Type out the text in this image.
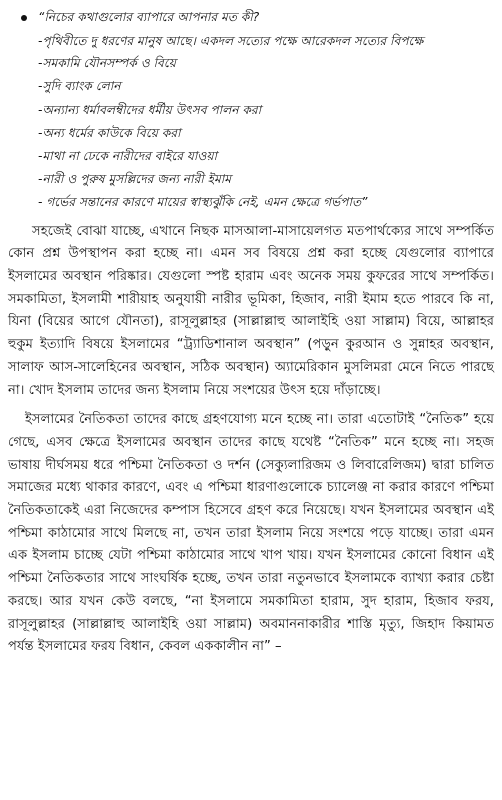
“নিচের কথাগুলোর ব্যাপারে আপনার মত কী?
-পৃথিবীতে দু ধরণের মানুষ আছে। একদল সত্যের পক্ষে আরেকদল সত্যের বিপক্ষে
-সমকামি যৌনসম্পর্ক ও বিয়ে
-সুদি ব্যাংক লোন
-অন্যান্য ধর্মাবলম্বীদের ধর্মীয় উৎসব পালন করা
-অন্য ধর্মের কাউকে বিয়ে করা
-মাথা না ঢেকে নারীদের বাইরে যাওয়া
-নারী ও পুরুষ মুসল্লিদের জন্য নারী ইমাম
- গর্ভের সন্তানের কারণে মায়ের স্বাস্থ্যঝুঁকি নেই, এমন ক্ষেত্রে গর্ভপাত”

সহজেই বোঝা যাচ্ছে, এখানে নিছক মাসআলা-মাসায়েলগত মতপার্থক্যের সাথে সম্পর্কিত কোন প্রশ্ন উপস্থাপন করা হচ্ছে না। এমন সব বিষয়ে প্রশ্ন করা হচ্ছে যেগুলোর ব্যাপারে ইসলামের অবস্থান পরিষ্কার। যেগুলো স্পষ্ট হারাম এবং অনেক সময় কুফরের সাথে সম্পর্কিত। সমকামিতা, ইসলামী শারীয়াহ অনুযায়ী নারীর ভূমিকা, হিজাব, নারী ইমাম হতে পারবে কি না, যিনা (বিয়ের আগে যৌনতা), রাসূলুল্লাহর (সাল্লাল্লাহু আলাইহি ওয়া সাল্লাম) বিয়ে, আল্লাহর হুকুম ইত্যাদি বিষয়ে ইসলামের “ট্র্যাডিশানাল অবস্থান” (পড়ুন কুরআন ও সুন্নাহর অবস্থান, সালাফ আস-সালেহিনের অবস্থান, সঠিক অবস্থান) অ্যামেরিকান মুসলিমরা মেনে নিতে পারছে না। খোদ ইসলাম তাদের জন্য ইসলাম নিয়ে সংশয়ের উৎস হয়ে দাঁড়াচ্ছে।

ইসলামের নৈতিকতা তাদের কাছে গ্রহণযোগ্য মনে হচ্ছে না। তারা এতোটাই “নৈতিক” হয়ে গেছে, এসব ক্ষেত্রে ইসলামের অবস্থান তাদের কাছে যথেষ্ট “নৈতিক” মনে হচ্ছে না। সহজ ভাষায় দীর্ঘসময় ধরে পশ্চিমা নৈতিকতা ও দর্শন (সেক্যুলারিজম ও লিবারেলিজম) দ্বারা চালিত সমাজের মধ্যে থাকার কারণে, এবং এ পশ্চিমা ধারণাগুলোকে চ্যালেঞ্জ না করার কারণে পশ্চিমা নৈতিকতাকেই এরা নিজেদের কম্পাস হিসেবে গ্রহণ করে নিয়েছে। যখন ইসলামের অবস্থান এই পশ্চিমা কাঠামোর সাথে মিলছে না, তখন তারা ইসলাম নিয়ে সংশয়ে পড়ে যাচ্ছে। তারা এমন এক ইসলাম চাচ্ছে যেটা পশ্চিমা কাঠামোর সাথে খাপ খায়। যখন ইসলামের কোনো বিধান এই পশ্চিমা নৈতিকতার সাথে সাংঘর্ষিক হচ্ছে, তখন তারা নতুনভাবে ইসলামকে ব্যাখ্যা করার চেষ্টা করছে। আর যখন কেউ বলছে, “না ইসলামে সমকামিতা হারাম, সুদ হারাম, হিজাব ফরয, রাসূলুল্লাহর (সাল্লাল্লাহু আলাইহি ওয়া সাল্লাম) অবমাননাকারীর শাস্তি মৃত্যু, জিহাদ কিয়ামত পর্যন্ত ইসলামের ফরয বিধান, কেবল এককালীন না” –
